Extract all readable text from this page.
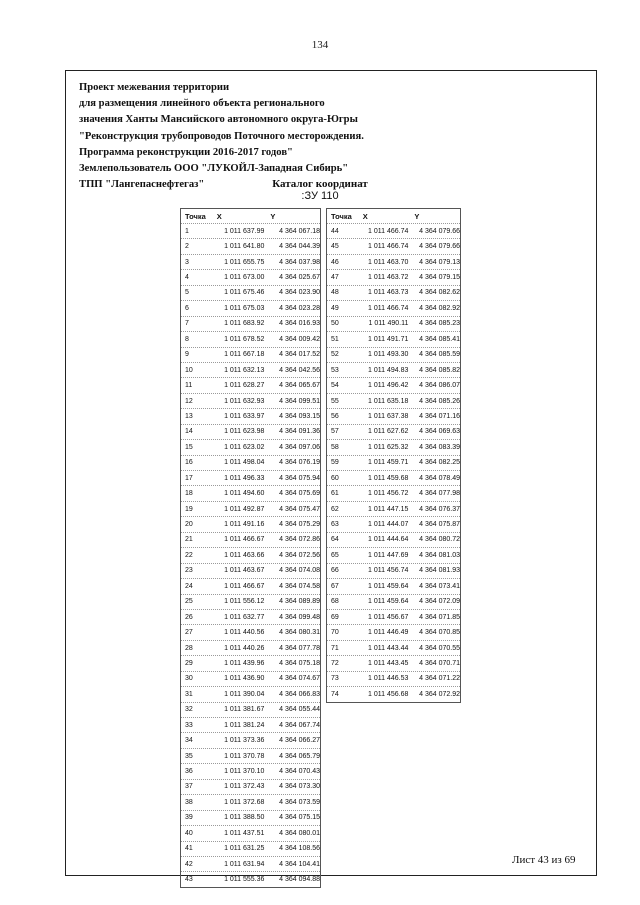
134
Проект межевания территории
для размещения линейного объекта регионального
значения Ханты Мансийского автономного округа-Югры
"Реконструкция трубопроводов Поточного месторождения.
Программа реконструкции 2016-2017 годов"
Землепользователь ООО "ЛУКОЙЛ-Западная Сибирь"
ТПП "Лангепаснефтегаз"	Каталог координат
:ЗУ 110
Точка	X	Y
1	1 011 637.99	4 364 067.18
2	1 011 641.80	4 364 044.39
3	1 011 655.75	4 364 037.98
4	1 011 673.00	4 364 025.67
5	1 011 675.46	4 364 023.90
6	1 011 675.03	4 364 023.28
7	1 011 683.92	4 364 016.93
8	1 011 678.52	4 364 009.42
9	1 011 667.18	4 364 017.52
10	1 011 632.13	4 364 042.56
11	1 011 628.27	4 364 065.67
12	1 011 632.93	4 364 099.51
13	1 011 633.97	4 364 093.15
14	1 011 623.98	4 364 091.36
15	1 011 623.02	4 364 097.06
16	1 011 498.04	4 364 076.19
17	1 011 496.33	4 364 075.94
18	1 011 494.60	4 364 075.69
19	1 011 492.87	4 364 075.47
20	1 011 491.16	4 364 075.29
21	1 011 466.67	4 364 072.86
22	1 011 463.66	4 364 072.56
23	1 011 463.67	4 364 074.08
24	1 011 466.67	4 364 074.58
25	1 011 556.12	4 364 089.89
26	1 011 632.77	4 364 099.48
27	1 011 440.56	4 364 080.31
28	1 011 440.26	4 364 077.78
29	1 011 439.96	4 364 075.18
30	1 011 436.90	4 364 074.67
31	1 011 390.04	4 364 066.83
32	1 011 381.67	4 364 055.44
33	1 011 381.24	4 364 067.74
34	1 011 373.36	4 364 066.27
35	1 011 370.78	4 364 065.79
36	1 011 370.10	4 364 070.43
37	1 011 372.43	4 364 073.30
38	1 011 372.68	4 364 073.59
39	1 011 388.50	4 364 075.15
40	1 011 437.51	4 364 080.01
41	1 011 631.25	4 364 108.56
42	1 011 631.94	4 364 104.41
43	1 011 555.36	4 364 094.88
Точка	X	Y
44	1 011 466.74	4 364 079.66
45	1 011 466.74	4 364 079.66
46	1 011 463.70	4 364 079.13
47	1 011 463.72	4 364 079.15
48	1 011 463.73	4 364 082.62
49	1 011 466.74	4 364 082.92
50	1 011 490.11	4 364 085.23
51	1 011 491.71	4 364 085.41
52	1 011 493.30	4 364 085.59
53	1 011 494.83	4 364 085.82
54	1 011 496.42	4 364 086.07
55	1 011 635.18	4 364 085.26
56	1 011 637.38	4 364 071.16
57	1 011 627.62	4 364 069.63
58	1 011 625.32	4 364 083.39
59	1 011 459.71	4 364 082.25
60	1 011 459.68	4 364 078.49
61	1 011 456.72	4 364 077.98
62	1 011 447.15	4 364 076.37
63	1 011 444.07	4 364 075.87
64	1 011 444.64	4 364 080.72
65	1 011 447.69	4 364 081.03
66	1 011 456.74	4 364 081.93
67	1 011 459.64	4 364 073.41
68	1 011 459.64	4 364 072.09
69	1 011 456.67	4 364 071.85
70	1 011 446.49	4 364 070.85
71	1 011 443.44	4 364 070.55
72	1 011 443.45	4 364 070.71
73	1 011 446.53	4 364 071.22
74	1 011 456.68	4 364 072.92
Лист 43 из 69
